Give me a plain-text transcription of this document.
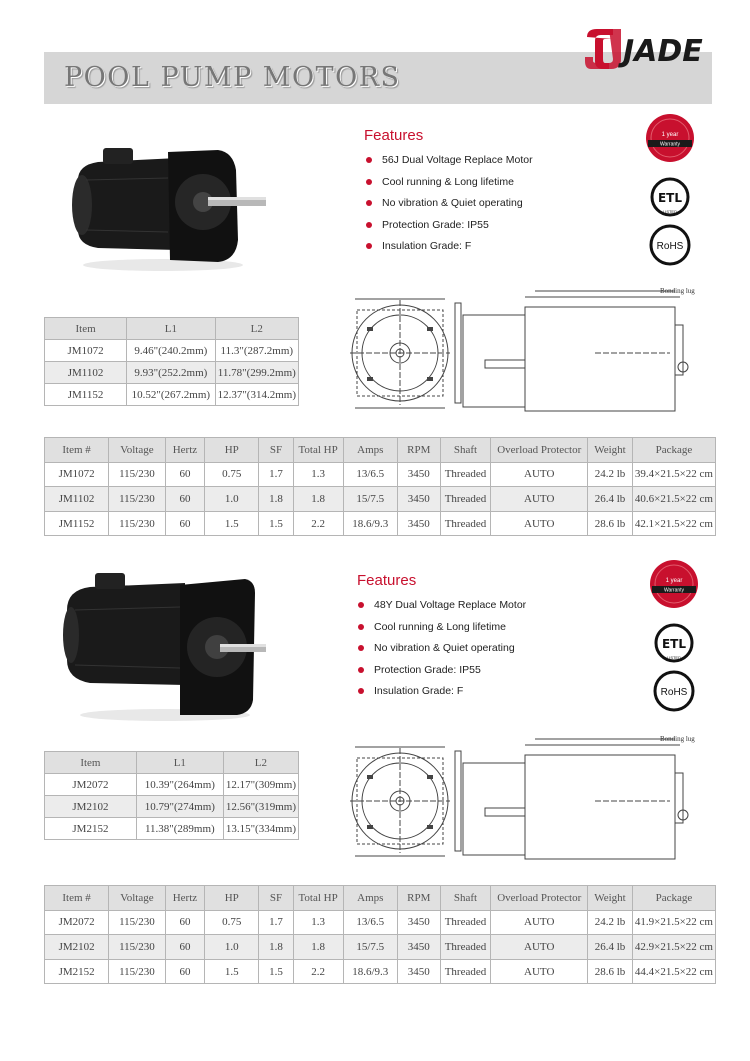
POOL PUMP MOTORS
JADE
Features
56J Dual Voltage Replace Motor
Cool running & Long lifetime
No vibration & Quiet operating
Protection Grade: IP55
Insulation Grade: F
1 year
Warranty
ETL
LISTED
RoHS
Bonding lug
Item	L1	L2
JM1072	9.46"(240.2mm)	11.3"(287.2mm)
JM1102	9.93"(252.2mm)	11.78"(299.2mm)
JM1152	10.52"(267.2mm)	12.37"(314.2mm)
Item #	Voltage	Hertz	HP	SF	Total HP	Amps	RPM	Shaft	Overload Protector	Weight	Package
JM1072	115/230	60	0.75	1.7	1.3	13/6.5	3450	Threaded	AUTO	24.2 lb	39.4×21.5×22 cm
JM1102	115/230	60	1.0	1.8	1.8	15/7.5	3450	Threaded	AUTO	26.4 lb	40.6×21.5×22 cm
JM1152	115/230	60	1.5	1.5	2.2	18.6/9.3	3450	Threaded	AUTO	28.6 lb	42.1×21.5×22 cm
Features
48Y Dual Voltage Replace Motor
Cool running & Long lifetime
No vibration & Quiet operating
Protection Grade: IP55
Insulation Grade: F
1 year
Warranty
ETL
LISTED
RoHS
Bonding lug
Item	L1	L2
JM2072	10.39"(264mm)	12.17"(309mm)
JM2102	10.79"(274mm)	12.56"(319mm)
JM2152	11.38"(289mm)	13.15"(334mm)
Item #	Voltage	Hertz	HP	SF	Total HP	Amps	RPM	Shaft	Overload Protector	Weight	Package
JM2072	115/230	60	0.75	1.7	1.3	13/6.5	3450	Threaded	AUTO	24.2 lb	41.9×21.5×22 cm
JM2102	115/230	60	1.0	1.8	1.8	15/7.5	3450	Threaded	AUTO	26.4 lb	42.9×21.5×22 cm
JM2152	115/230	60	1.5	1.5	2.2	18.6/9.3	3450	Threaded	AUTO	28.6 lb	44.4×21.5×22 cm
